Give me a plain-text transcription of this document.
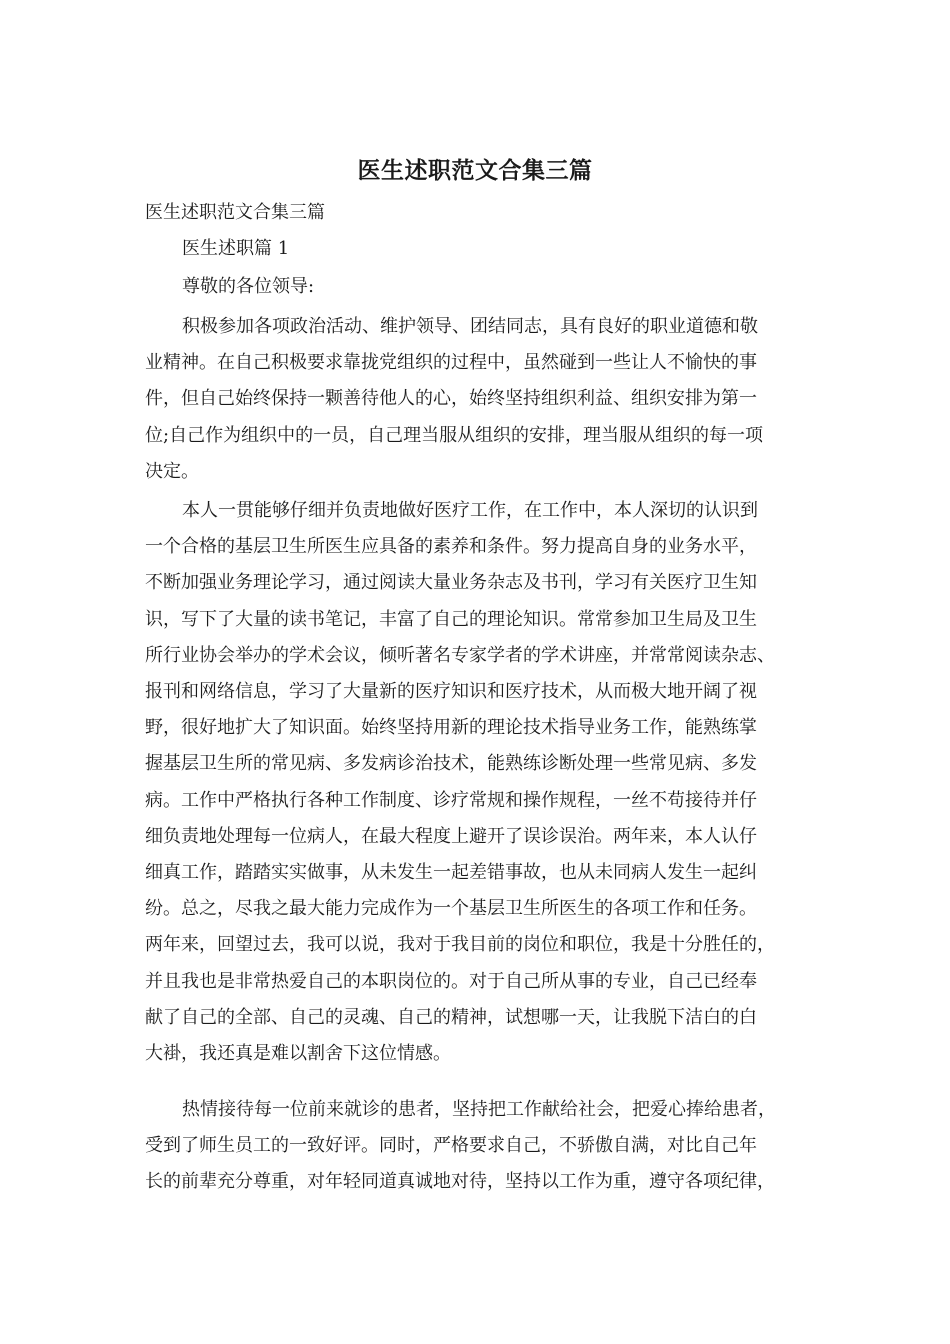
医生述职范文合集三篇
医生述职范文合集三篇
医生述职篇 1
尊敬的各位领导:
积极参加各项政治活动、维护领导、团结同志，具有良好的职业道德和敬
业精神。在自己积极要求靠拢党组织的过程中，虽然碰到一些让人不愉快的事
件，但自己始终保持一颗善待他人的心，始终坚持组织利益、组织安排为第一
位;自己作为组织中的一员，自己理当服从组织的安排，理当服从组织的每一项
决定。
本人一贯能够仔细并负责地做好医疗工作，在工作中，本人深切的认识到
一个合格的基层卫生所医生应具备的素养和条件。努力提高自身的业务水平，
不断加强业务理论学习，通过阅读大量业务杂志及书刊，学习有关医疗卫生知
识，写下了大量的读书笔记，丰富了自己的理论知识。常常参加卫生局及卫生
所行业协会举办的学术会议，倾听著名专家学者的学术讲座，并常常阅读杂志、
报刊和网络信息，学习了大量新的医疗知识和医疗技术，从而极大地开阔了视
野，很好地扩大了知识面。始终坚持用新的理论技术指导业务工作，能熟练掌
握基层卫生所的常见病、多发病诊治技术，能熟练诊断处理一些常见病、多发
病。工作中严格执行各种工作制度、诊疗常规和操作规程，一丝不苟接待并仔
细负责地处理每一位病人，在最大程度上避开了误诊误治。两年来，本人认仔
细真工作，踏踏实实做事，从未发生一起差错事故，也从未同病人发生一起纠
纷。总之，尽我之最大能力完成作为一个基层卫生所医生的各项工作和任务。
两年来，回望过去，我可以说，我对于我目前的岗位和职位，我是十分胜任的，
并且我也是非常热爱自己的本职岗位的。对于自己所从事的专业，自己已经奉
献了自己的全部、自己的灵魂、自己的精神，试想哪一天，让我脱下洁白的白
大褂，我还真是难以割舍下这位情感。
热情接待每一位前来就诊的患者，坚持把工作献给社会，把爱心捧给患者，
受到了师生员工的一致好评。同时，严格要求自己，不骄傲自满，对比自己年
长的前辈充分尊重，对年轻同道真诚地对待，坚持以工作为重，遵守各项纪律，
